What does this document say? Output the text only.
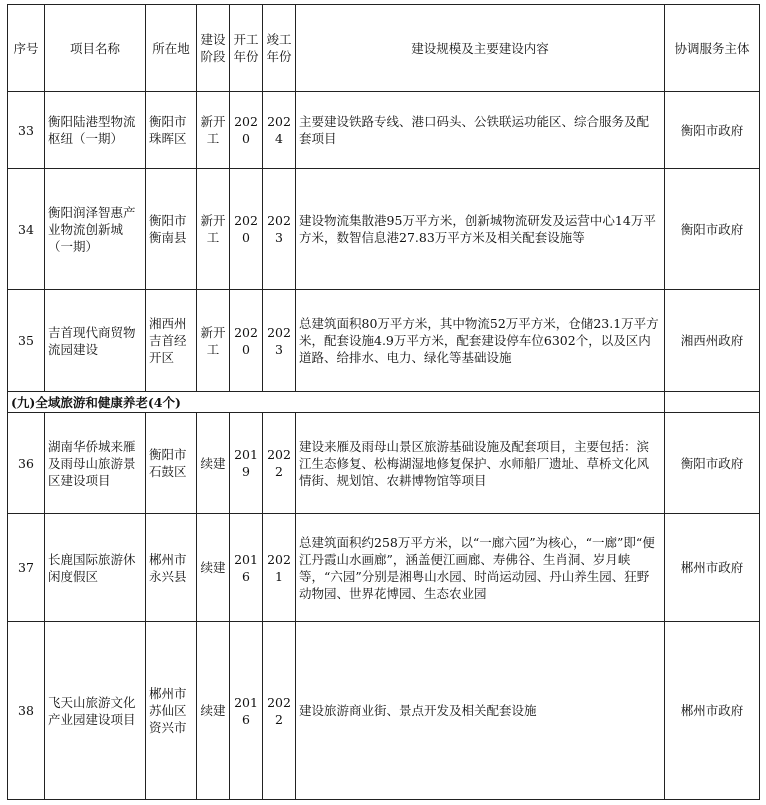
序号	项目名称	所在地	建设阶段	开工年份	竣工年份	建设规模及主要建设内容	协调服务主体
33	衡阳陆港型物流枢纽（一期）	衡阳市珠晖区	新开工	2020	2024	主要建设铁路专线、港口码头、公铁联运功能区、综合服务及配套项目	衡阳市政府
34	衡阳润泽智惠产业物流创新城（一期）	衡阳市衡南县	新开工	2020	2023	建设物流集散港95万平方米，创新城物流研发及运营中心14万平方米，数智信息港27.83万平方米及相关配套设施等	衡阳市政府
35	吉首现代商贸物流园建设	湘西州吉首经开区	新开工	2020	2023	总建筑面积80万平方米，其中物流52万平方米，仓储23.1万平方米，配套设施4.9万平方米，配套建设停车位6302个，以及区内道路、给排水、电力、绿化等基础设施	湘西州政府
(九)全域旅游和健康养老(4个)							
36	湖南华侨城来雁及雨母山旅游景区建设项目	衡阳市石鼓区	续建	2019	2022	建设来雁及雨母山景区旅游基础设施及配套项目，主要包括：滨江生态修复、松梅湖湿地修复保护、水师船厂遗址、草桥文化风情街、规划馆、农耕博物馆等项目	衡阳市政府
37	长鹿国际旅游休闲度假区	郴州市永兴县	续建	2016	2021	总建筑面积约258万平方米，以“一廊六园”为核心，“一廊”即“便江丹霞山水画廊”，涵盖便江画廊、寿佛谷、生肖洞、岁月峡等，“六园”分别是湘粤山水园、时尚运动园、丹山养生园、狂野动物园、世界花博园、生态农业园	郴州市政府
38	飞天山旅游文化产业园建设项目	郴州市苏仙区资兴市	续建	2016	2022	建设旅游商业街、景点开发及相关配套设施	郴州市政府
